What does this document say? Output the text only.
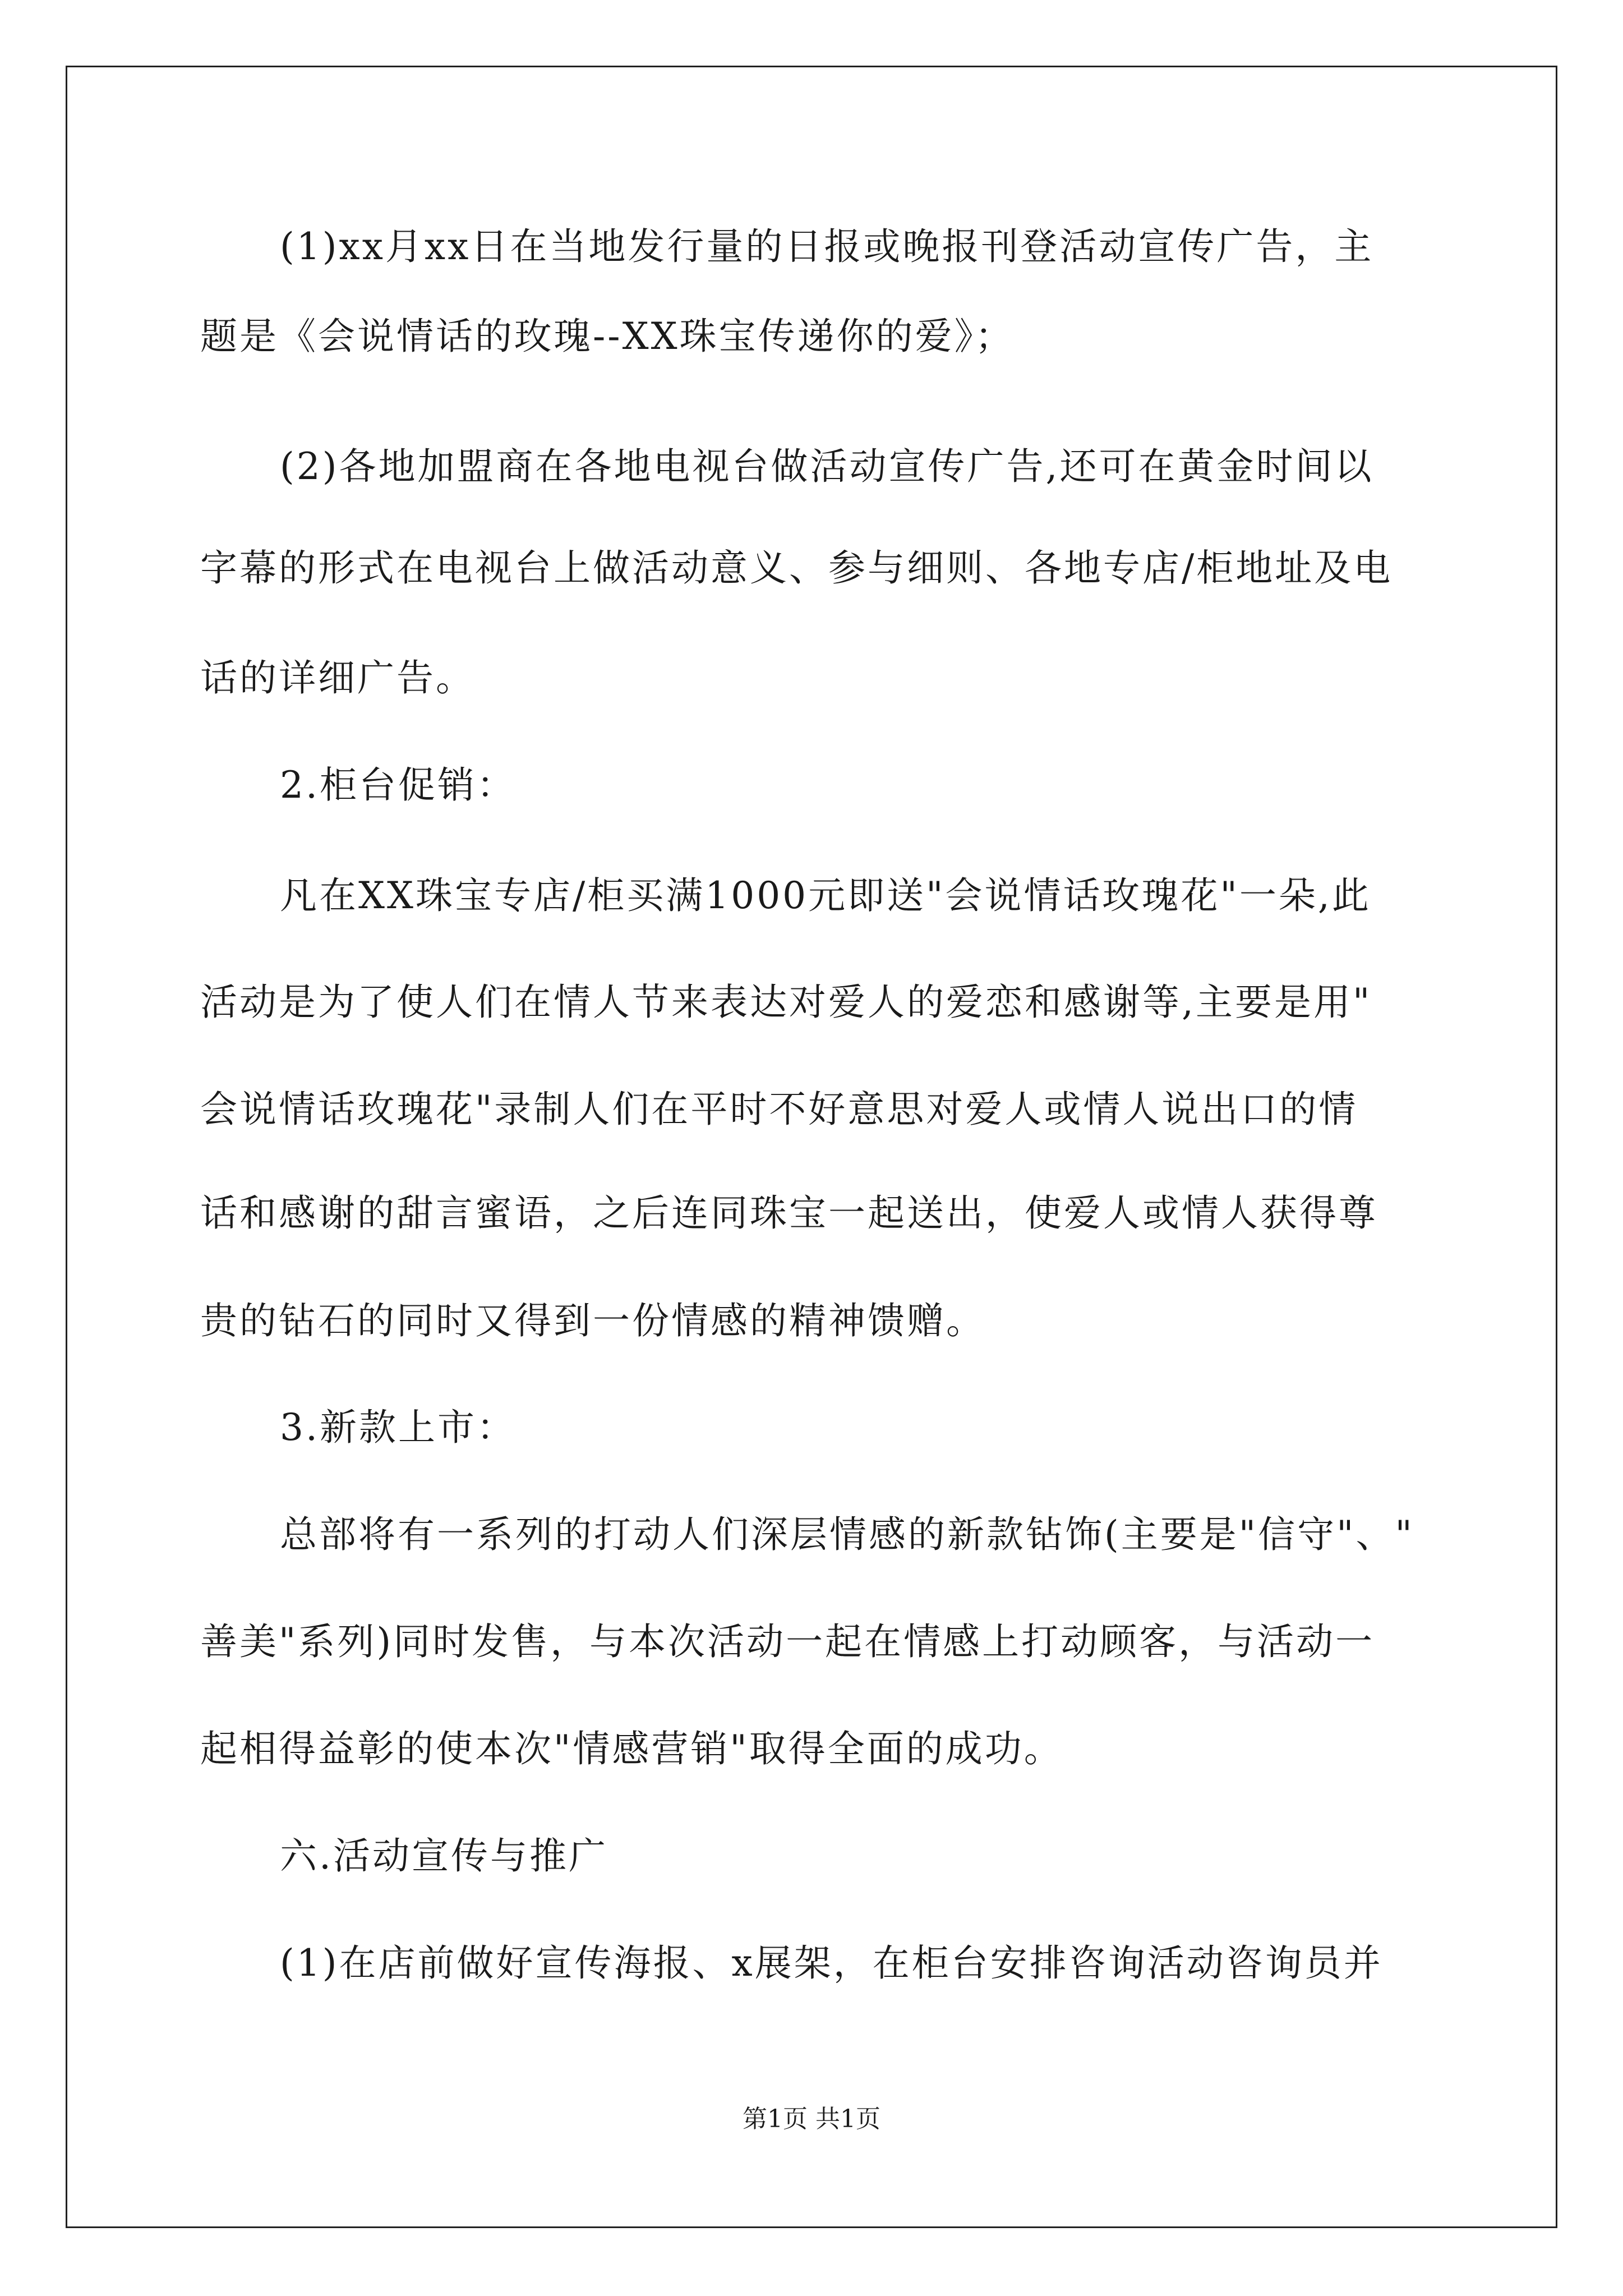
(1)xx月xx日在当地发行量的日报或晚报刊登活动宣传广告，主
题是《会说情话的玫瑰--XX珠宝传递你的爱》；
(2)各地加盟商在各地电视台做活动宣传广告,还可在黄金时间以
字幕的形式在电视台上做活动意义、参与细则、各地专店/柜地址及电
话的详细广告。
2.柜台促销：
凡在XX珠宝专店/柜买满1000元即送"会说情话玫瑰花"一朵,此
活动是为了使人们在情人节来表达对爱人的爱恋和感谢等,主要是用"
会说情话玫瑰花"录制人们在平时不好意思对爱人或情人说出口的情
话和感谢的甜言蜜语，之后连同珠宝一起送出，使爱人或情人获得尊
贵的钻石的同时又得到一份情感的精神馈赠。
3.新款上市：
总部将有一系列的打动人们深层情感的新款钻饰(主要是"信守"、"
善美"系列)同时发售，与本次活动一起在情感上打动顾客，与活动一
起相得益彰的使本次"情感营销"取得全面的成功。
六.活动宣传与推广
(1)在店前做好宣传海报、x展架，在柜台安排咨询活动咨询员并
第1页 共1页
